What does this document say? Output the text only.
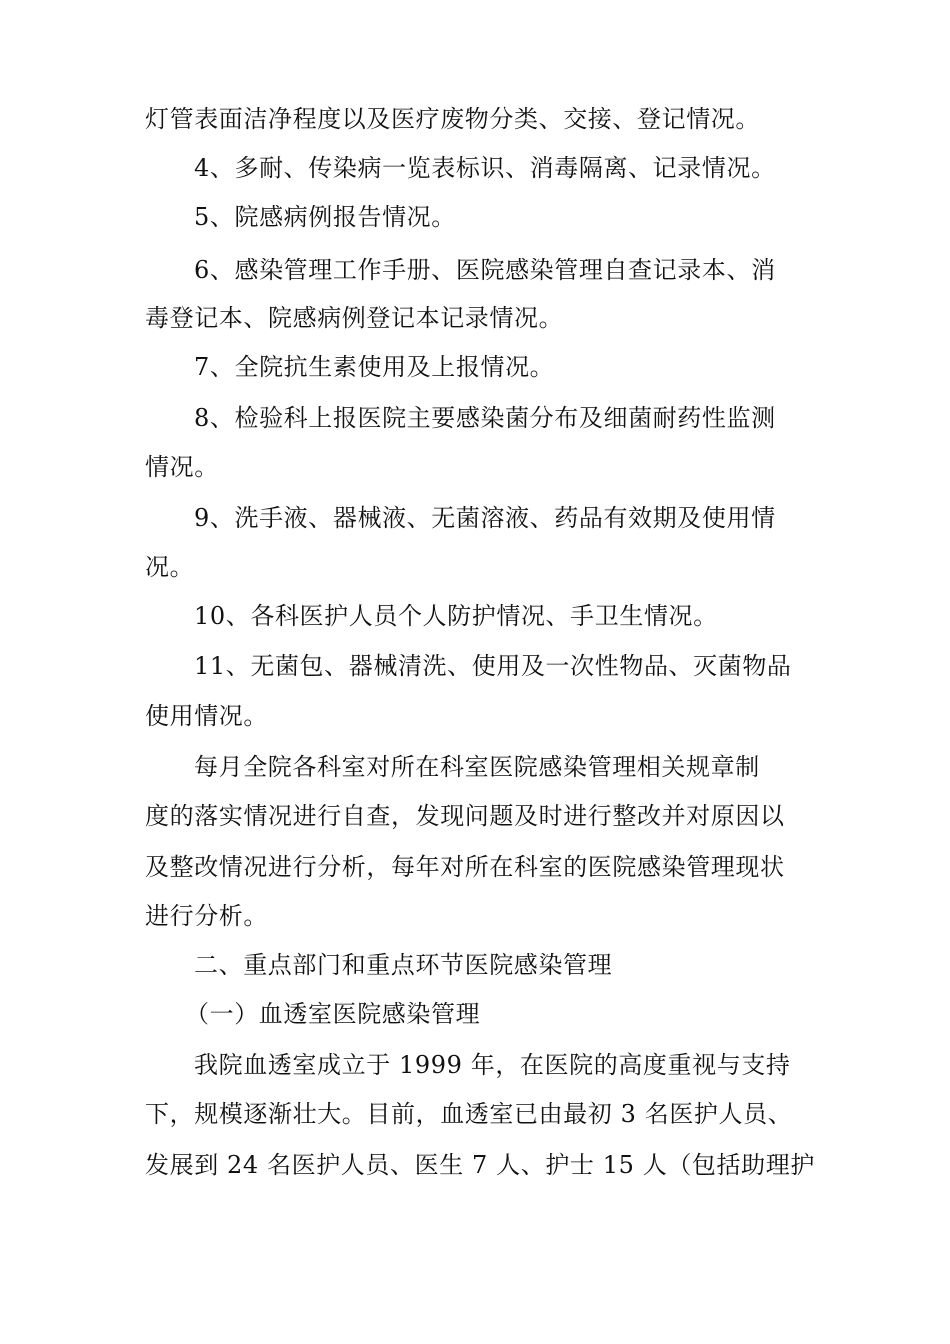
灯管表面洁净程度以及医疗废物分类、交接、登记情况。
4、多耐、传染病一览表标识、消毒隔离、记录情况。
5、院感病例报告情况。
6、感染管理工作手册、医院感染管理自查记录本、消
毒登记本、院感病例登记本记录情况。
7、全院抗生素使用及上报情况。
8、检验科上报医院主要感染菌分布及细菌耐药性监测
情况。
9、洗手液、器械液、无菌溶液、药品有效期及使用情
况。
10、各科医护人员个人防护情况、手卫生情况。
11、无菌包、器械清洗、使用及一次性物品、灭菌物品
使用情况。
每月全院各科室对所在科室医院感染管理相关规章制
度的落实情况进行自查，发现问题及时进行整改并对原因以
及整改情况进行分析，每年对所在科室的医院感染管理现状
进行分析。
二、重点部门和重点环节医院感染管理
（一）血透室医院感染管理
我院血透室成立于 1999 年，在医院的高度重视与支持
下，规模逐渐壮大。目前，血透室已由最初 3 名医护人员、
发展到 24 名医护人员、医生 7 人、护士 15 人（包括助理护
